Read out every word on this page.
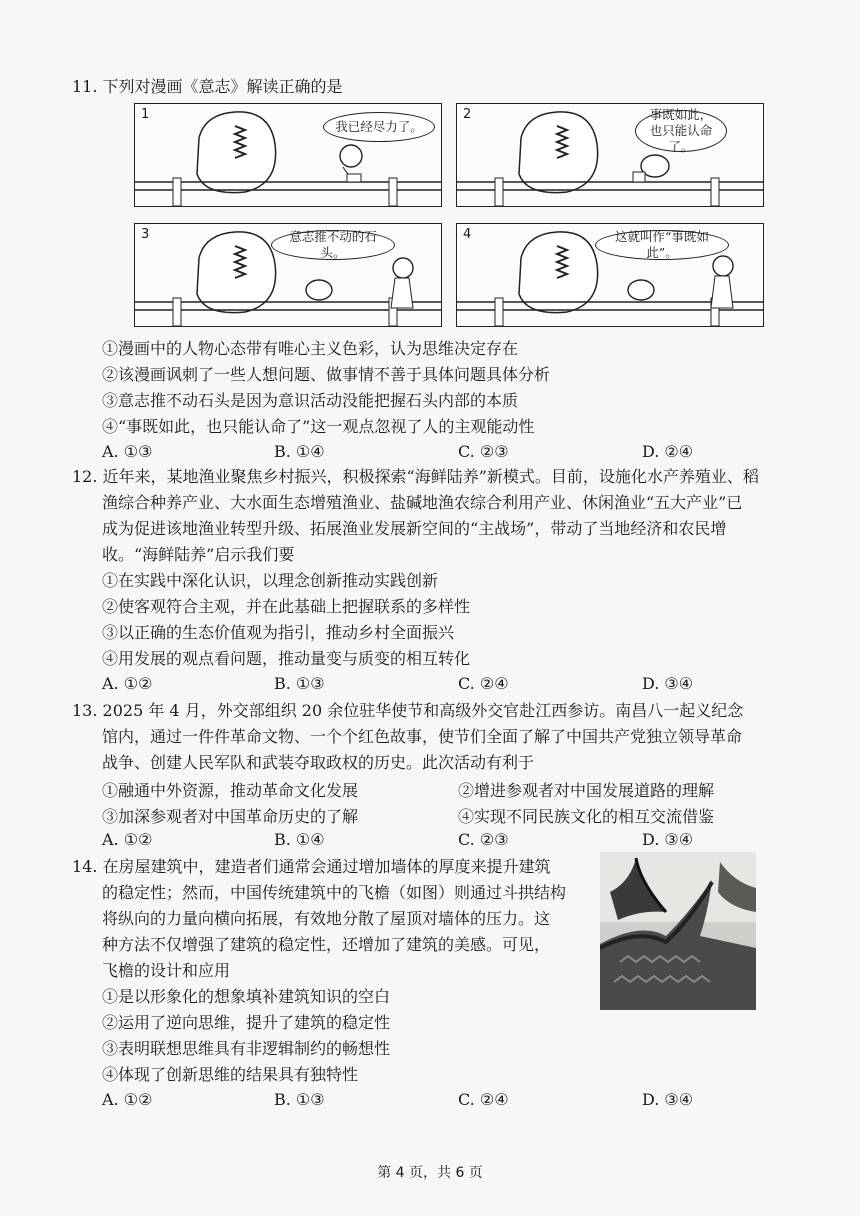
11. 下列对漫画《意志》解读正确的是
1
我已经尽力了。
2	事既如此，也只能认命了。
3	意志推不动的石头。
4	这就叫作“事既如此”。
①漫画中的人物心态带有唯心主义色彩，认为思维决定存在
②该漫画讽刺了一些人想问题、做事情不善于具体问题具体分析
③意志推不动石头是因为意识活动没能把握石头内部的本质
④“事既如此，也只能认命了”这一观点忽视了人的主观能动性
A. ①③	B. ①④	C. ②③	D. ②④
12. 近年来，某地渔业聚焦乡村振兴，积极探索“海鲜陆养”新模式。目前，设施化水产养殖业、稻
渔综合种养产业、大水面生态增殖渔业、盐碱地渔农综合利用产业、休闲渔业“五大产业”已
成为促进该地渔业转型升级、拓展渔业发展新空间的“主战场”，带动了当地经济和农民增
收。“海鲜陆养”启示我们要
①在实践中深化认识，以理念创新推动实践创新
②使客观符合主观，并在此基础上把握联系的多样性
③以正确的生态价值观为指引，推动乡村全面振兴
④用发展的观点看问题，推动量变与质变的相互转化
A. ①②	B. ①③	C. ②④	D. ③④
13. 2025 年 4 月，外交部组织 20 余位驻华使节和高级外交官赴江西参访。南昌八一起义纪念
馆内，通过一件件革命文物、一个个红色故事，使节们全面了解了中国共产党独立领导革命
战争、创建人民军队和武装夺取政权的历史。此次活动有利于
①融通中外资源，推动革命文化发展	②增进参观者对中国发展道路的理解
③加深参观者对中国革命历史的了解	④实现不同民族文化的相互交流借鉴
A. ①②	B. ①④	C. ②③	D. ③④
14. 在房屋建筑中，建造者们通常会通过增加墙体的厚度来提升建筑
的稳定性；然而，中国传统建筑中的飞檐（如图）则通过斗拱结构
将纵向的力量向横向拓展，有效地分散了屋顶对墙体的压力。这
种方法不仅增强了建筑的稳定性，还增加了建筑的美感。可见，
飞檐的设计和应用
①是以形象化的想象填补建筑知识的空白
②运用了逆向思维，提升了建筑的稳定性
③表明联想思维具有非逻辑制约的畅想性
④体现了创新思维的结果具有独特性
A. ①②	B. ①③	C. ②④	D. ③④
第 4 页，共 6 页
